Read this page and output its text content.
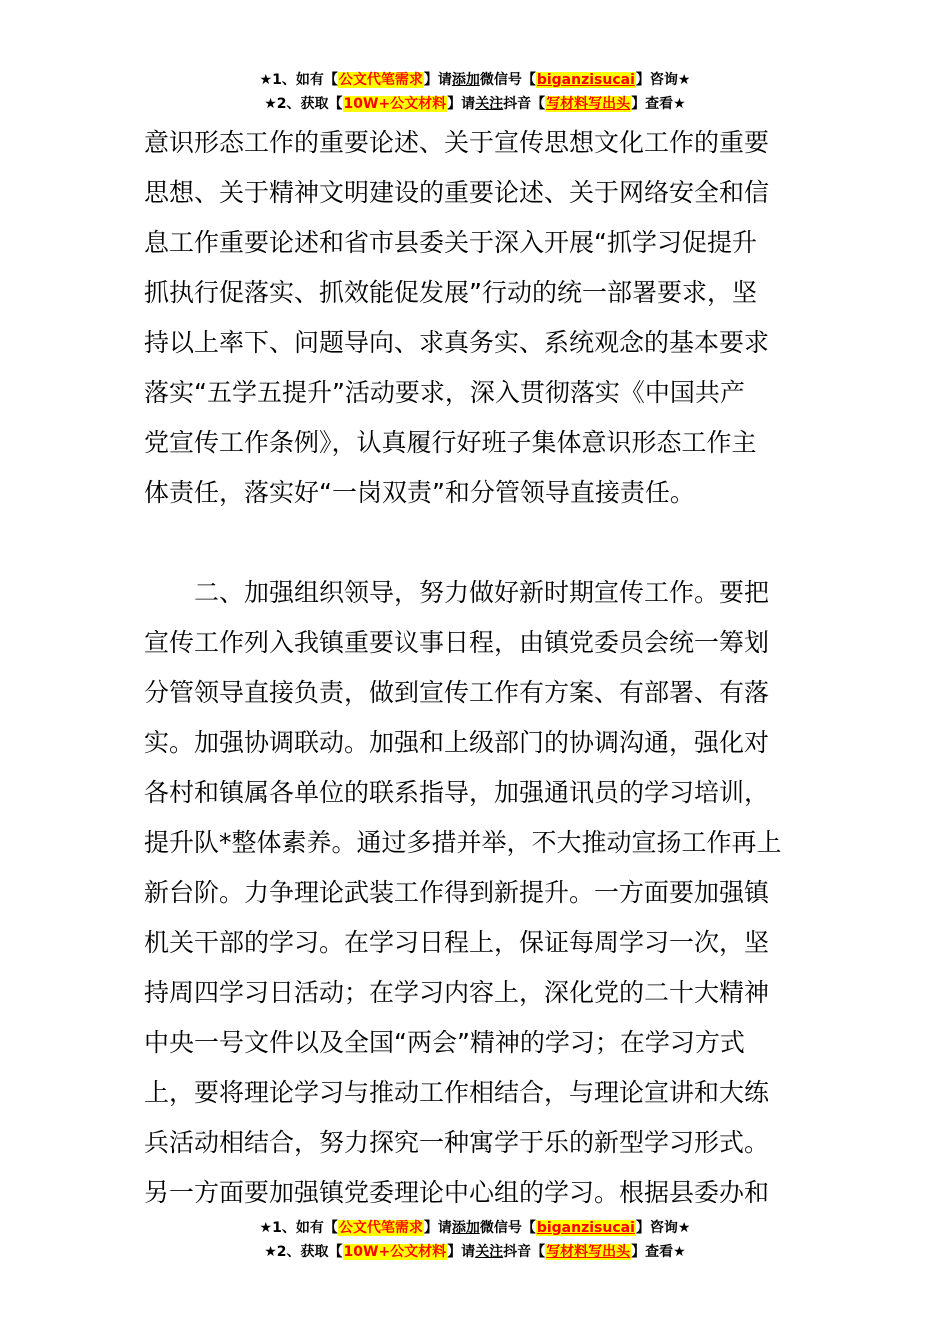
★1、如有【公文代笔需求】请添加微信号【biganzisucai】咨询★
★2、获取【10W+公文材料】请关注抖音【写材料写出头】查看★
意识形态工作的重要论述、关于宣传思想文化工作的重要
思想、关于精神文明建设的重要论述、关于网络安全和信
息工作重要论述和省市县委关于深入开展“抓学习促提升
抓执行促落实、抓效能促发展”行动的统一部署要求，坚
持以上率下、问题导向、求真务实、系统观念的基本要求
落实“五学五提升”活动要求，深入贯彻落实《中国共产
党宣传工作条例》，认真履行好班子集体意识形态工作主
体责任，落实好“一岗双责”和分管领导直接责任。
　　二、加强组织领导，努力做好新时期宣传工作。要把
宣传工作列入我镇重要议事日程，由镇党委员会统一筹划
分管领导直接负责，做到宣传工作有方案、有部署、有落
实。加强协调联动。加强和上级部门的协调沟通，强化对
各村和镇属各单位的联系指导，加强通讯员的学习培训，
提升队*整体素养。通过多措并举，不大推动宣扬工作再上
新台阶。力争理论武装工作得到新提升。一方面要加强镇
机关干部的学习。在学习日程上，保证每周学习一次，坚
持周四学习日活动；在学习内容上，深化党的二十大精神
中央一号文件以及全国“两会”精神的学习；在学习方式
上，要将理论学习与推动工作相结合，与理论宣讲和大练
兵活动相结合，努力探究一种寓学于乐的新型学习形式。
另一方面要加强镇党委理论中心组的学习。根据县委办和
★1、如有【公文代笔需求】请添加微信号【biganzisucai】咨询★
★2、获取【10W+公文材料】请关注抖音【写材料写出头】查看★
